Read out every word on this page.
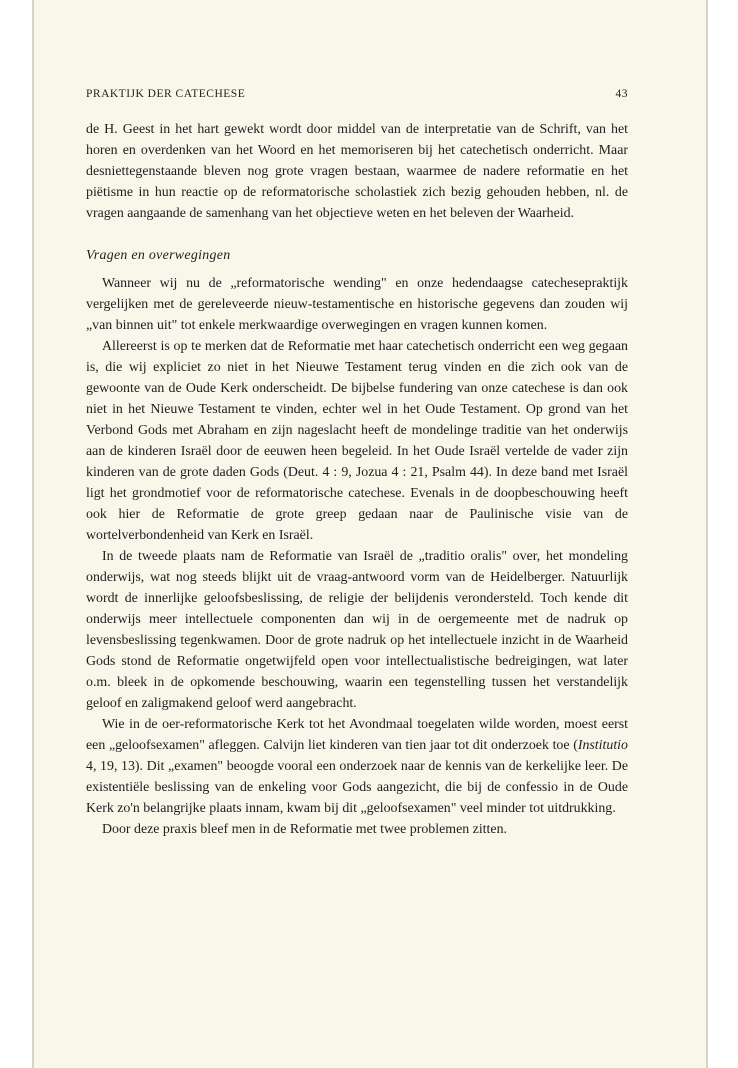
PRAKTIJK DER CATECHESE	43

de H. Geest in het hart gewekt wordt door middel van de interpretatie van de Schrift, van het horen en overdenken van het Woord en het memoriseren bij het catechetisch onderricht. Maar desniettegenstaande bleven nog grote vragen bestaan, waarmee de nadere reformatie en het piëtisme in hun reactie op de reformatorische scholastiek zich bezig gehouden hebben, nl. de vragen aangaande de samenhang van het objectieve weten en het beleven der Waarheid.

Vragen en overwegingen

Wanneer wij nu de „reformatorische wending" en onze hedendaagse catechesepraktijk vergelijken met de gereleveerde nieuw-testamentische en historische gegevens dan zouden wij „van binnen uit" tot enkele merkwaardige overwegingen en vragen kunnen komen.

Allereerst is op te merken dat de Reformatie met haar catechetisch onderricht een weg gegaan is, die wij expliciet zo niet in het Nieuwe Testament terug vinden en die zich ook van de gewoonte van de Oude Kerk onderscheidt. De bijbelse fundering van onze catechese is dan ook niet in het Nieuwe Testament te vinden, echter wel in het Oude Testament. Op grond van het Verbond Gods met Abraham en zijn nageslacht heeft de mondelinge traditie van het onderwijs aan de kinderen Israël door de eeuwen heen begeleid. In het Oude Israël vertelde de vader zijn kinderen van de grote daden Gods (Deut. 4 : 9, Jozua 4 : 21, Psalm 44). In deze band met Israël ligt het grondmotief voor de reformatorische catechese. Evenals in de doopbeschouwing heeft ook hier de Reformatie de grote greep gedaan naar de Paulinische visie van de wortelverbondenheid van Kerk en Israël.

In de tweede plaats nam de Reformatie van Israël de „traditio oralis" over, het mondeling onderwijs, wat nog steeds blijkt uit de vraag-antwoord vorm van de Heidelberger. Natuurlijk wordt de innerlijke geloofsbeslissing, de religie der belijdenis verondersteld. Toch kende dit onderwijs meer intellectuele componenten dan wij in de oergemeente met de nadruk op levensbeslissing tegenkwamen. Door de grote nadruk op het intellectuele inzicht in de Waarheid Gods stond de Reformatie ongetwijfeld open voor intellectualistische bedreigingen, wat later o.m. bleek in de opkomende beschouwing, waarin een tegenstelling tussen het verstandelijk geloof en zaligmakend geloof werd aangebracht.

Wie in de oer-reformatorische Kerk tot het Avondmaal toegelaten wilde worden, moest eerst een „geloofsexamen" afleggen. Calvijn liet kinderen van tien jaar tot dit onderzoek toe (Institutio 4, 19, 13). Dit „examen" beoogde vooral een onderzoek naar de kennis van de kerkelijke leer. De existentiële beslissing van de enkeling voor Gods aangezicht, die bij de confessio in de Oude Kerk zo'n belangrijke plaats innam, kwam bij dit „geloofsexamen" veel minder tot uitdrukking.

Door deze praxis bleef men in de Reformatie met twee problemen zitten.
